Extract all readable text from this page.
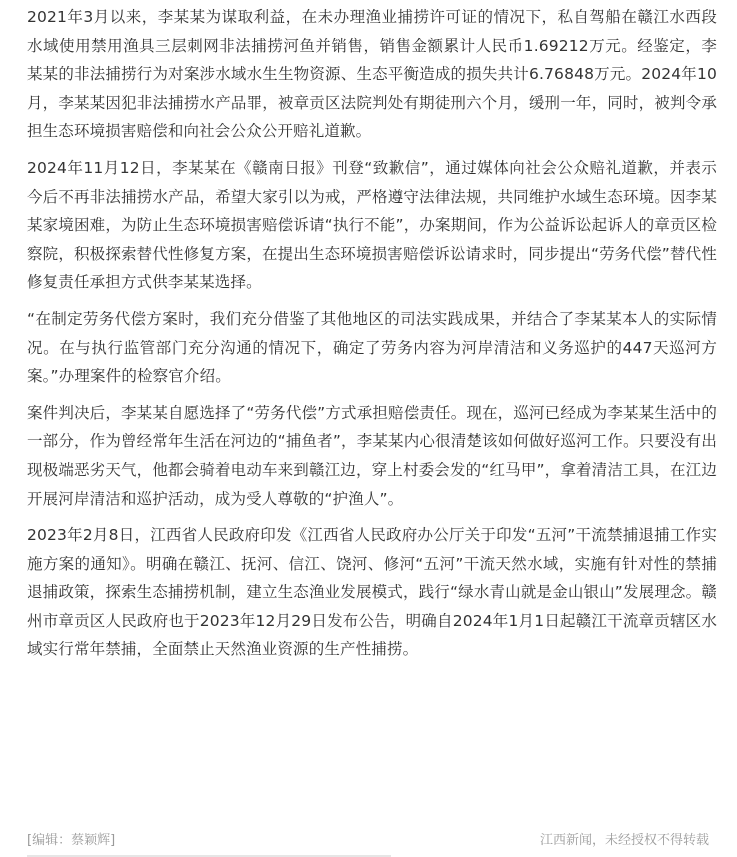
2021年3月以来，李某某为谋取利益，在未办理渔业捕捞许可证的情况下，私自驾船在赣江水西段水域使用禁用渔具三层刺网非法捕捞河鱼并销售，销售金额累计人民币1.69212万元。经鉴定，李某某的非法捕捞行为对案涉水域水生生物资源、生态平衡造成的损失共计6.76848万元。2024年10月，李某某因犯非法捕捞水产品罪，被章贡区法院判处有期徒刑六个月，缓刑一年，同时，被判令承担生态环境损害赔偿和向社会公众公开赔礼道歉。

2024年11月12日，李某某在《赣南日报》刊登“致歉信”，通过媒体向社会公众赔礼道歉，并表示今后不再非法捕捞水产品，希望大家引以为戒，严格遵守法律法规，共同维护水域生态环境。因李某某家境困难，为防止生态环境损害赔偿诉请“执行不能”，办案期间，作为公益诉讼起诉人的章贡区检察院，积极探索替代性修复方案，在提出生态环境损害赔偿诉讼请求时，同步提出“劳务代偿”替代性修复责任承担方式供李某某选择。

“在制定劳务代偿方案时，我们充分借鉴了其他地区的司法实践成果，并结合了李某某本人的实际情况。在与执行监管部门充分沟通的情况下，确定了劳务内容为河岸清洁和义务巡护的447天巡河方案。”办理案件的检察官介绍。

案件判决后，李某某自愿选择了“劳务代偿”方式承担赔偿责任。现在，巡河已经成为李某某生活中的一部分，作为曾经常年生活在河边的“捕鱼者”，李某某内心很清楚该如何做好巡河工作。只要没有出现极端恶劣天气，他都会骑着电动车来到赣江边，穿上村委会发的“红马甲”，拿着清洁工具，在江边开展河岸清洁和巡护活动，成为受人尊敬的“护渔人”。

2023年2月8日，江西省人民政府印发《江西省人民政府办公厅关于印发“五河”干流禁捕退捕工作实施方案的通知》。明确在赣江、抚河、信江、饶河、修河“五河”干流天然水域，实施有针对性的禁捕退捕政策，探索生态捕捞机制，建立生态渔业发展模式，践行“绿水青山就是金山银山”发展理念。赣州市章贡区人民政府也于2023年12月29日发布公告，明确自2024年1月1日起赣江干流章贡辖区水域实行常年禁捕，全面禁止天然渔业资源的生产性捕捞。

[编辑：蔡颖辉]	江西新闻，未经授权不得转载
